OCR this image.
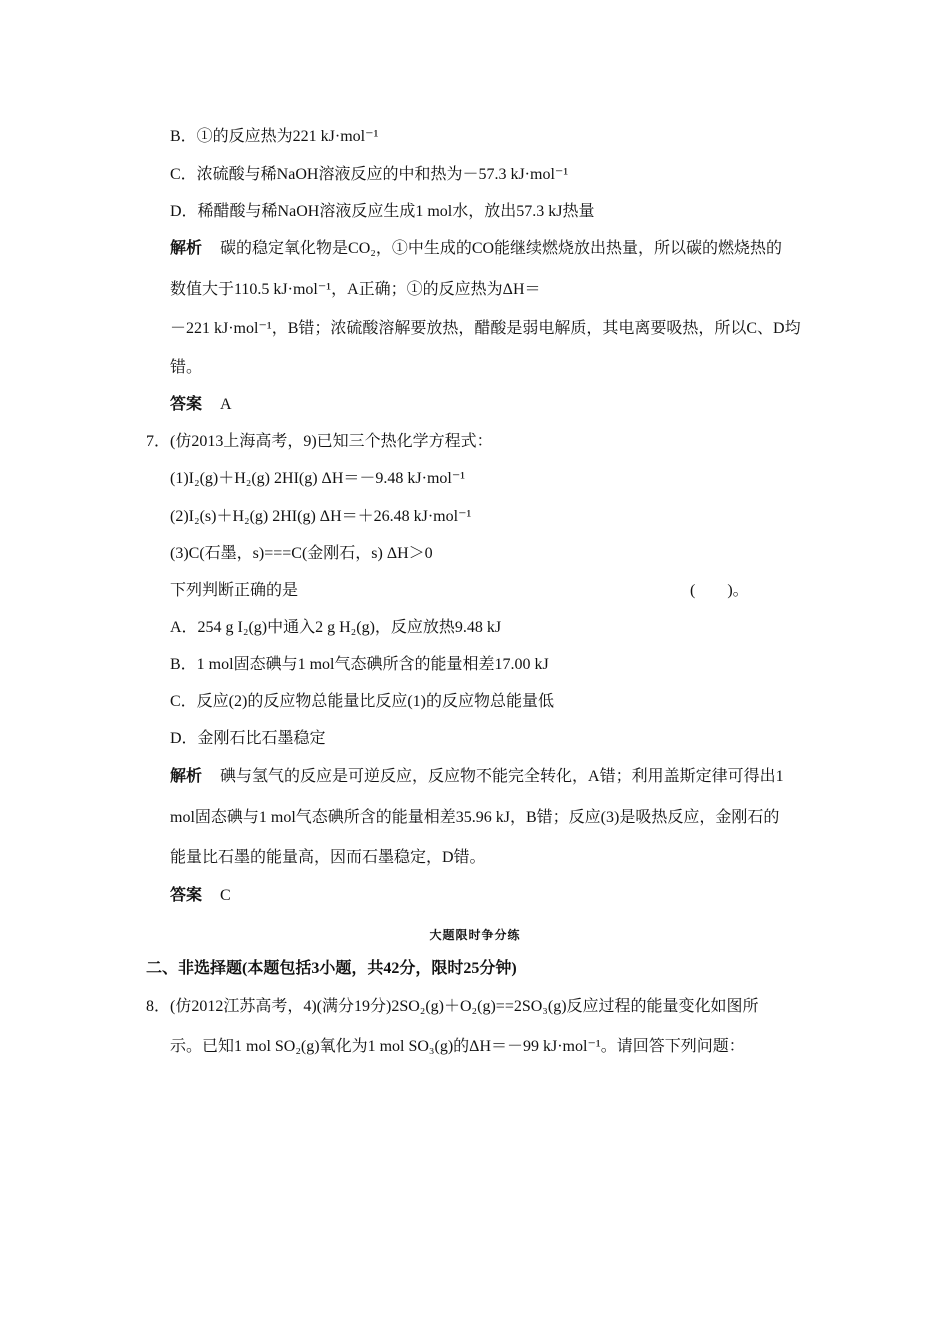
B．①的反应热为221 kJ·mol⁻¹
C．浓硫酸与稀NaOH溶液反应的中和热为－57.3 kJ·mol⁻¹
D．稀醋酸与稀NaOH溶液反应生成1 mol水，放出57.3 kJ热量
解析 碳的稳定氧化物是CO₂，①中生成的CO能继续燃烧放出热量，所以碳的燃烧热的
数值大于110.5 kJ·mol⁻¹，A正确；①的反应热为ΔH＝
－221 kJ·mol⁻¹，B错；浓硫酸溶解要放热，醋酸是弱电解质，其电离要吸热，所以C、D均
错。
答案 A
7．(仿2013上海高考，9)已知三个热化学方程式：
(1)I₂(g)＋H₂(g) 2HI(g) ΔH＝－9.48 kJ·mol⁻¹
(2)I₂(s)＋H₂(g) 2HI(g) ΔH＝＋26.48 kJ·mol⁻¹
(3)C(石墨，s)===C(金刚石，s) ΔH＞0
下列判断正确的是	(　　)。
A．254 g I₂(g)中通入2 g H₂(g)，反应放热9.48 kJ
B．1 mol固态碘与1 mol气态碘所含的能量相差17.00 kJ
C．反应(2)的反应物总能量比反应(1)的反应物总能量低
D．金刚石比石墨稳定
解析 碘与氢气的反应是可逆反应，反应物不能完全转化，A错；利用盖斯定律可得出1
mol固态碘与1 mol气态碘所含的能量相差35.96 kJ，B错；反应(3)是吸热反应，金刚石的
能量比石墨的能量高，因而石墨稳定，D错。
答案 C
大题限时争分练
二、非选择题(本题包括3小题，共42分，限时25分钟)
8．(仿2012江苏高考，4)(满分19分)2SO₂(g)＋O₂(g)==2SO₃(g)反应过程的能量变化如图所
示。已知1 mol SO₂(g)氧化为1 mol SO₃(g)的ΔH＝－99 kJ·mol⁻¹。请回答下列问题：
